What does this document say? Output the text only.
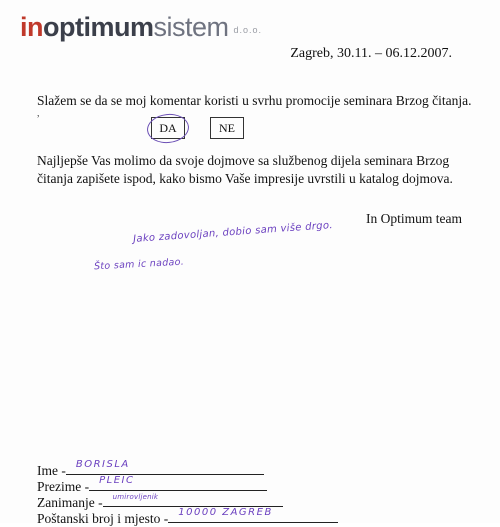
inoptimumsistem d.o.o.
Zagreb, 30.11. – 06.12.2007.
Slažem se da se moj komentar koristi u svrhu promocije seminara Brzog čitanja.
,
DA	NE
Najljepše Vas molimo da svoje dojmove sa službenog dijela seminara Brzog čitanja zapišete ispod, kako bismo Vaše impresije uvrstili u katalog dojmova.
In Optimum team
Jako zadovoljan, dobio sam više drgo.
Što sam ic nadao.
Ime - BORISLA
Prezime - PLEIC
Zanimanje - umirovljenik
Poštanski broj i mjesto - 10000 ZAGREB
